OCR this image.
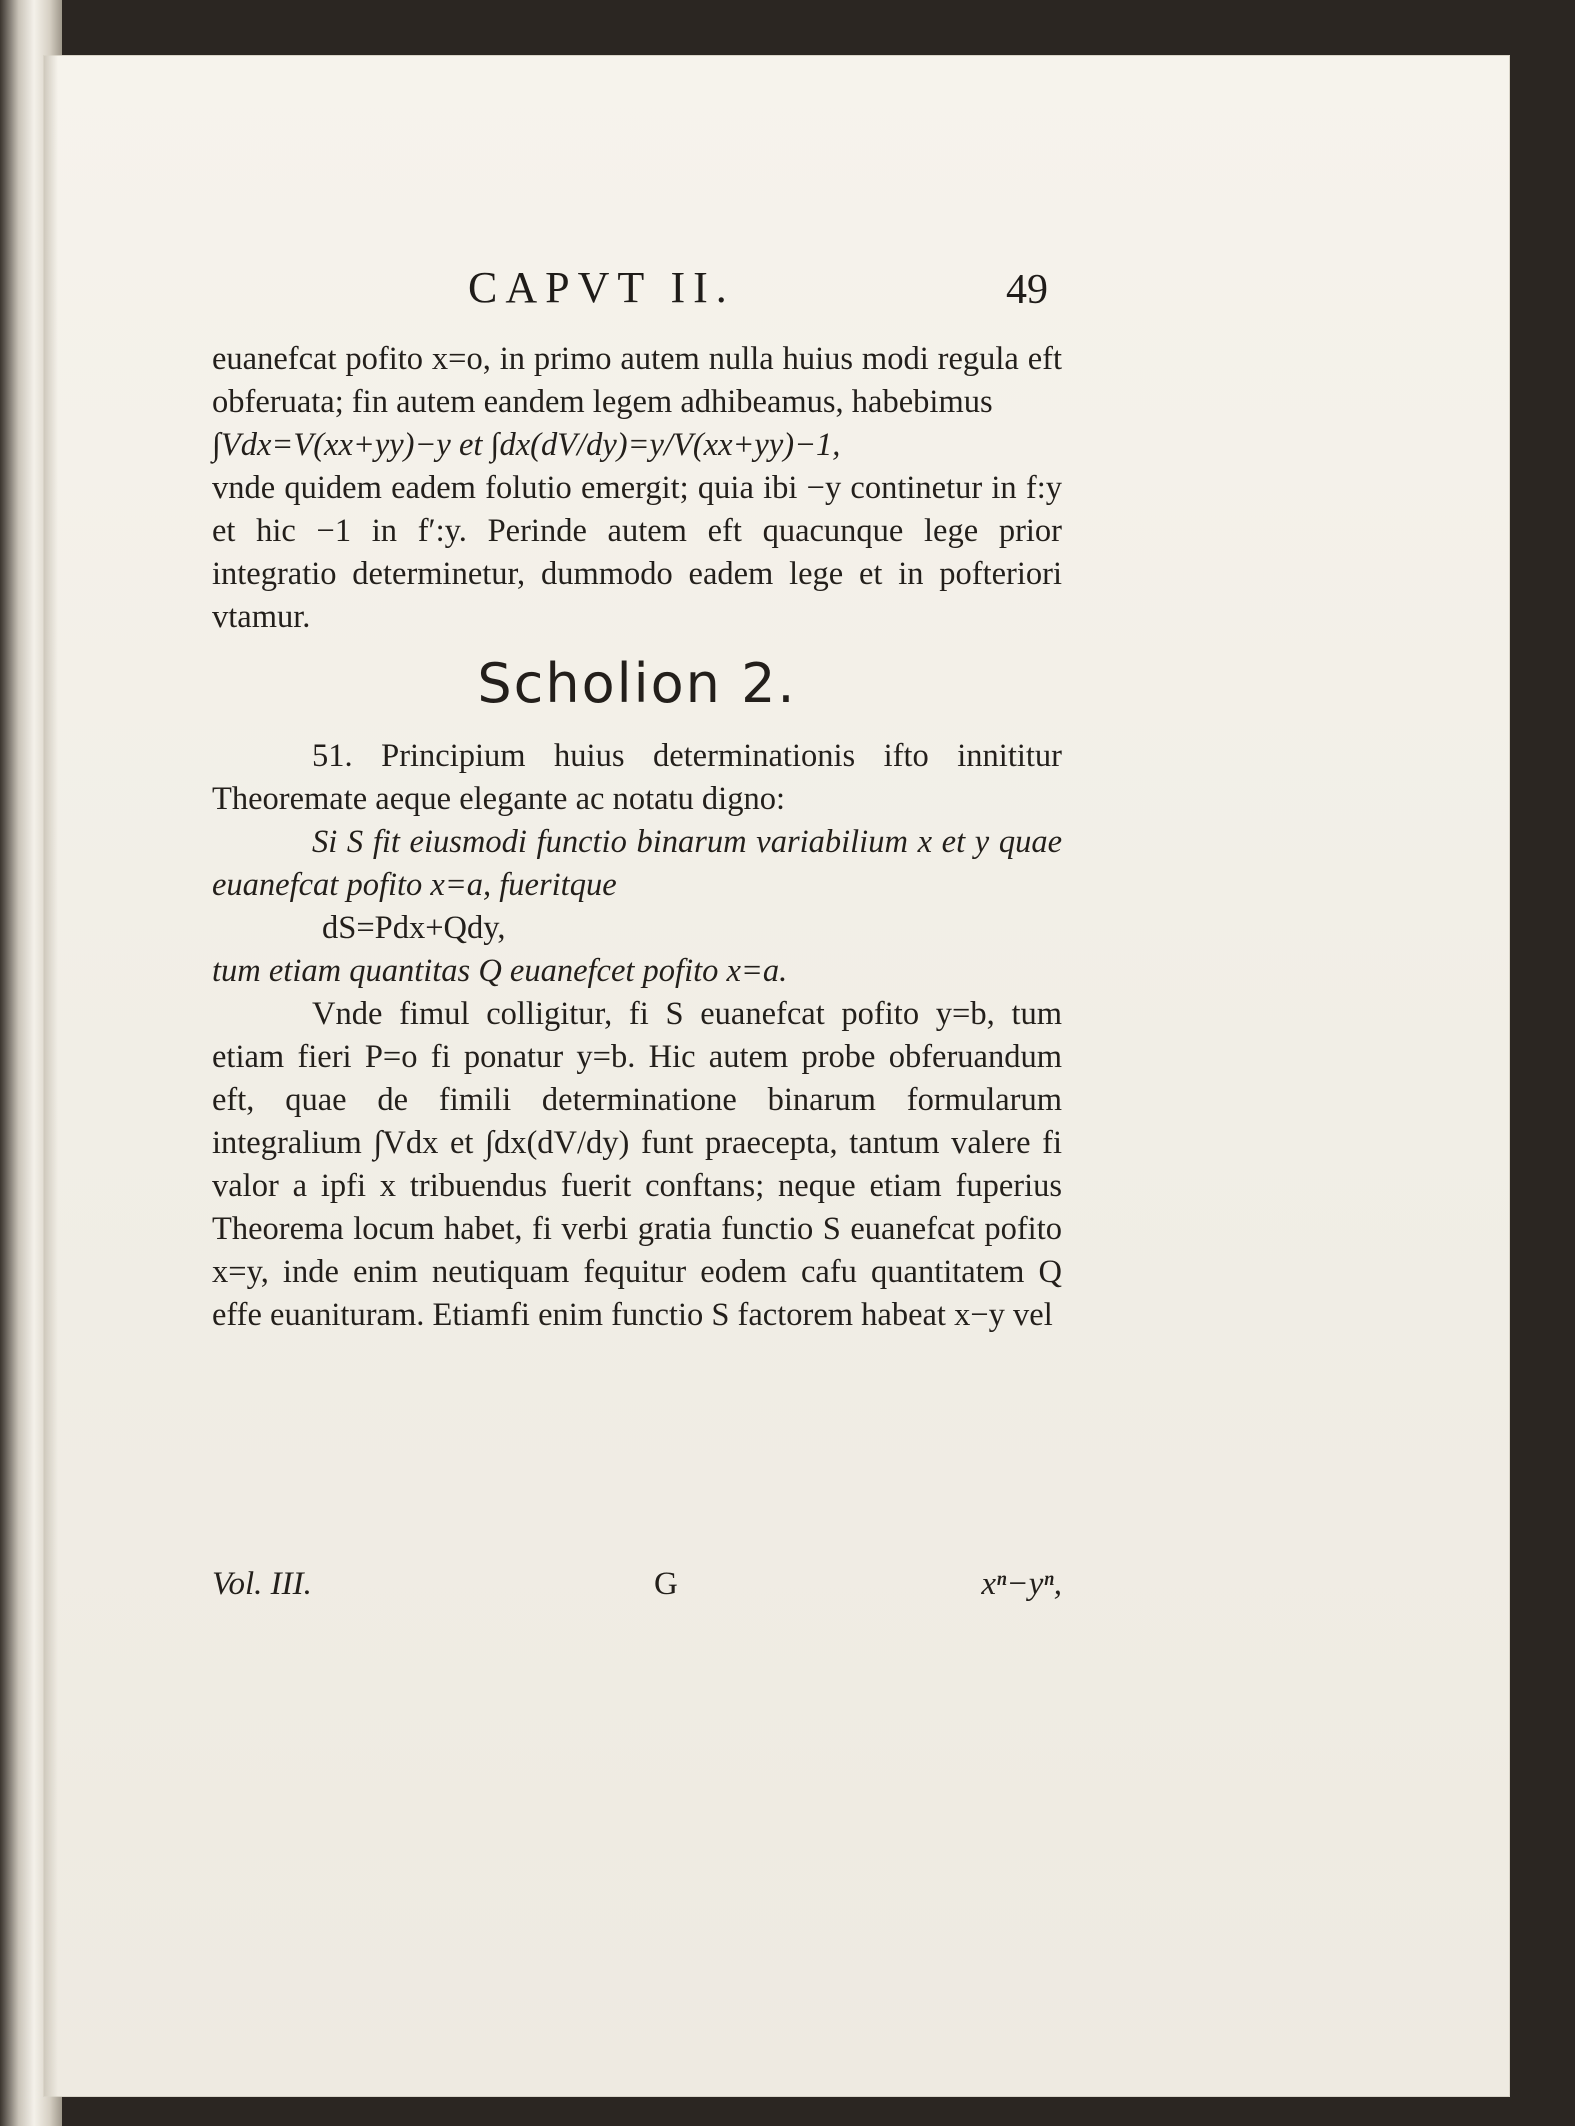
CAPVT II.	49

euanefcat pofito x=o, in primo autem nulla huius modi regula eft obferuata; fin autem eandem legem adhibeamus, habebimus

∫Vdx=V(xx+yy)−y et ∫dx(dV/dy)=y/V(xx+yy)−1,

vnde quidem eadem folutio emergit; quia ibi −y continetur in f:y et hic −1 in f′:y. Perinde autem eft quacunque lege prior integratio determinetur, dummodo eadem lege et in pofteriori vtamur.

Scholion 2.

51. Principium huius determinationis ifto innititur Theoremate aeque elegante ac notatu digno:

Si S fit eiusmodi functio binarum variabilium x et y quae euanefcat pofito x=a, fueritque

dS=Pdx+Qdy,

tum etiam quantitas Q euanefcet pofito x=a.

Vnde fimul colligitur, fi S euanefcat pofito y=b, tum etiam fieri P=o fi ponatur y=b. Hic autem probe obferuandum eft, quae de fimili determinatione binarum formularum integralium ∫Vdx et ∫dx(dV/dy) funt praecepta, tantum valere fi valor a ipfi x tribuendus fuerit conftans; neque etiam fuperius Theorema locum habet, fi verbi gratia functio S euanefcat pofito x=y, inde enim neutiquam fequitur eodem cafu quantitatem Q effe euanituram. Etiamfi enim functio S factorem habeat x−y vel

Vol. III.	G	xⁿ−yⁿ,
